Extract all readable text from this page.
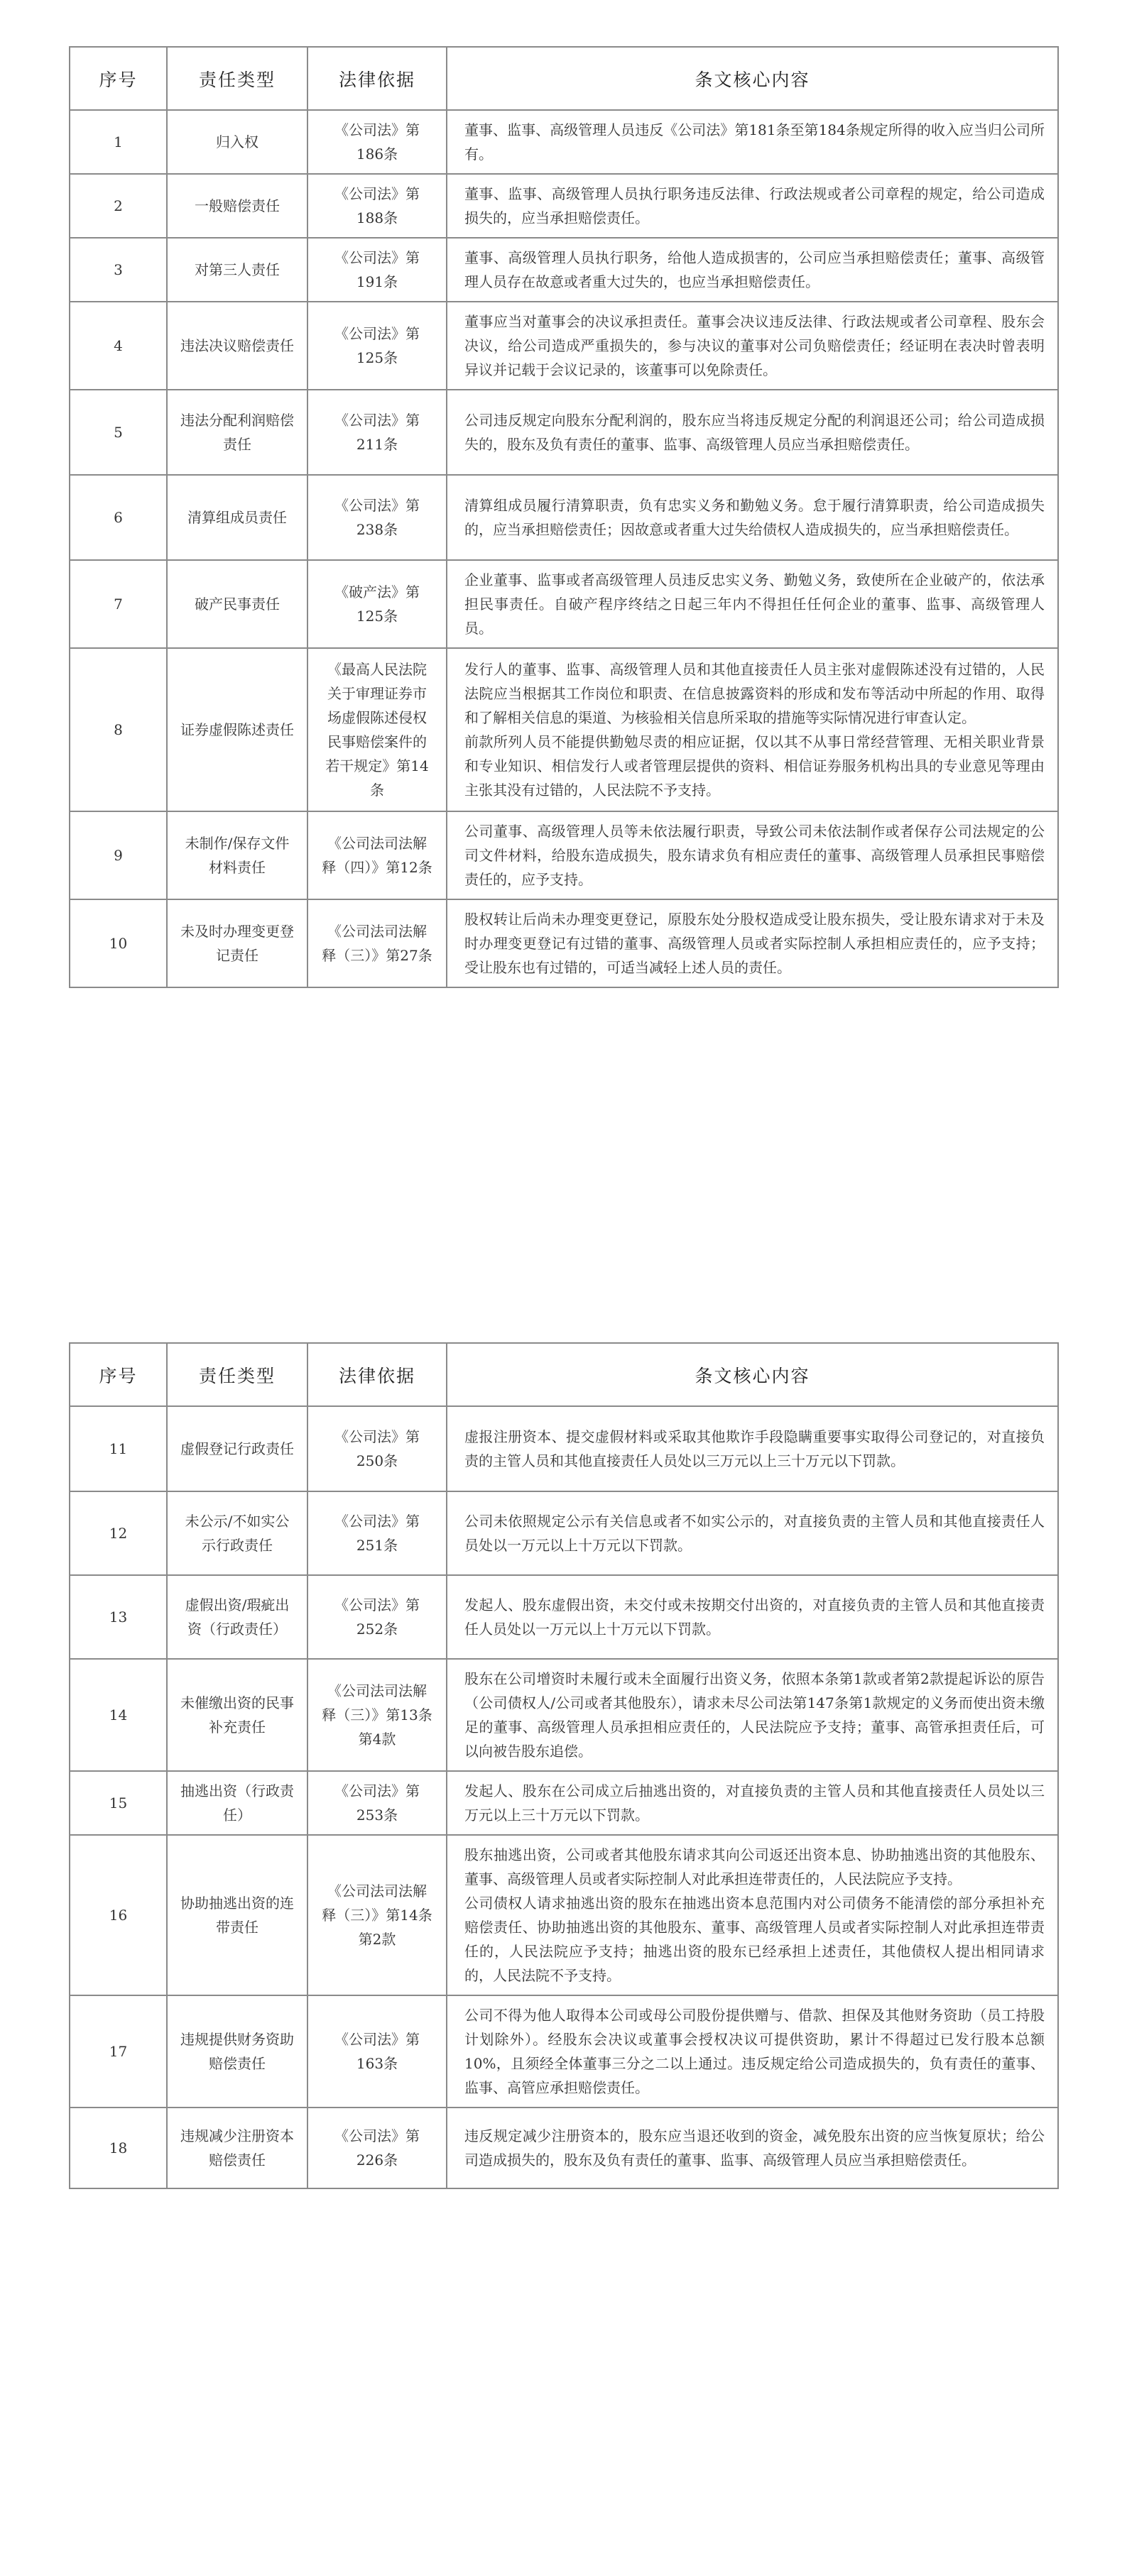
序号	责任类型	法律依据	条文核心内容
1	归入权	《公司法》第186条	董事、监事、高级管理人员违反《公司法》第181条至第184条规定所得的收入应当归公司所有。

2	一般赔偿责任	《公司法》第188条	董事、监事、高级管理人员执行职务违反法律、行政法规或者公司章程的规定，给公司造成损失的，应当承担赔偿责任。

3	对第三人责任	《公司法》第191条	董事、高级管理人员执行职务，给他人造成损害的，公司应当承担赔偿责任；董事、高级管理人员存在故意或者重大过失的，也应当承担赔偿责任。

4	违法决议赔偿责任	《公司法》第125条	董事应当对董事会的决议承担责任。董事会决议违反法律、行政法规或者公司章程、股东会决议，给公司造成严重损失的，参与决议的董事对公司负赔偿责任；经证明在表决时曾表明异议并记载于会议记录的，该董事可以免除责任。

5	违法分配利润赔偿责任	《公司法》第211条	公司违反规定向股东分配利润的，股东应当将违反规定分配的利润退还公司；给公司造成损失的，股东及负有责任的董事、监事、高级管理人员应当承担赔偿责任。

6	清算组成员责任	《公司法》第238条	清算组成员履行清算职责，负有忠实义务和勤勉义务。怠于履行清算职责，给公司造成损失的，应当承担赔偿责任；因故意或者重大过失给债权人造成损失的，应当承担赔偿责任。

7	破产民事责任	《破产法》第125条	企业董事、监事或者高级管理人员违反忠实义务、勤勉义务，致使所在企业破产的，依法承担民事责任。自破产程序终结之日起三年内不得担任任何企业的董事、监事、高级管理人员。

8	证券虚假陈述责任	《最高人民法院关于审理证券市场虚假陈述侵权民事赔偿案件的若干规定》第14条	发行人的董事、监事、高级管理人员和其他直接责任人员主张对虚假陈述没有过错的，人民法院应当根据其工作岗位和职责、在信息披露资料的形成和发布等活动中所起的作用、取得和了解相关信息的渠道、为核验相关信息所采取的措施等实际情况进行审查认定。
前款所列人员不能提供勤勉尽责的相应证据，仅以其不从事日常经营管理、无相关职业背景和专业知识、相信发行人或者管理层提供的资料、相信证券服务机构出具的专业意见等理由主张其没有过错的，人民法院不予支持。

9	未制作/保存文件材料责任	《公司法司法解释（四）》第12条	公司董事、高级管理人员等未依法履行职责，导致公司未依法制作或者保存公司法规定的公司文件材料，给股东造成损失，股东请求负有相应责任的董事、高级管理人员承担民事赔偿责任的，应予支持。

10	未及时办理变更登记责任	《公司法司法解释（三）》第27条	股权转让后尚未办理变更登记，原股东处分股权造成受让股东损失，受让股东请求对于未及时办理变更登记有过错的董事、高级管理人员或者实际控制人承担相应责任的，应予支持；受让股东也有过错的，可适当减轻上述人员的责任。
序号	责任类型	法律依据	条文核心内容
11	虚假登记行政责任	《公司法》第250条	虚报注册资本、提交虚假材料或采取其他欺诈手段隐瞒重要事实取得公司登记的，对直接负责的主管人员和其他直接责任人员处以三万元以上三十万元以下罚款。

12	未公示/不如实公示行政责任	《公司法》第251条	公司未依照规定公示有关信息或者不如实公示的，对直接负责的主管人员和其他直接责任人员处以一万元以上十万元以下罚款。

13	虚假出资/瑕疵出资（行政责任）	《公司法》第252条	发起人、股东虚假出资，未交付或未按期交付出资的，对直接负责的主管人员和其他直接责任人员处以一万元以上十万元以下罚款。

14	未催缴出资的民事补充责任	《公司法司法解释（三）》第13条第4款	股东在公司增资时未履行或未全面履行出资义务，依照本条第1款或者第2款提起诉讼的原告（公司债权人/公司或者其他股东），请求未尽公司法第147条第1款规定的义务而使出资未缴足的董事、高级管理人员承担相应责任的，人民法院应予支持；董事、高管承担责任后，可以向被告股东追偿。

15	抽逃出资（行政责任）	《公司法》第253条	发起人、股东在公司成立后抽逃出资的，对直接负责的主管人员和其他直接责任人员处以三万元以上三十万元以下罚款。

16	协助抽逃出资的连带责任	《公司法司法解释（三）》第14条第2款	股东抽逃出资，公司或者其他股东请求其向公司返还出资本息、协助抽逃出资的其他股东、董事、高级管理人员或者实际控制人对此承担连带责任的，人民法院应予支持。
公司债权人请求抽逃出资的股东在抽逃出资本息范围内对公司债务不能清偿的部分承担补充赔偿责任、协助抽逃出资的其他股东、董事、高级管理人员或者实际控制人对此承担连带责任的，人民法院应予支持；抽逃出资的股东已经承担上述责任，其他债权人提出相同请求的，人民法院不予支持。

17	违规提供财务资助赔偿责任	《公司法》第163条	公司不得为他人取得本公司或母公司股份提供赠与、借款、担保及其他财务资助（员工持股计划除外）。经股东会决议或董事会授权决议可提供资助，累计不得超过已发行股本总额10%，且须经全体董事三分之二以上通过。违反规定给公司造成损失的，负有责任的董事、监事、高管应承担赔偿责任。

18	违规减少注册资本赔偿责任	《公司法》第226条	违反规定减少注册资本的，股东应当退还收到的资金，减免股东出资的应当恢复原状；给公司造成损失的，股东及负有责任的董事、监事、高级管理人员应当承担赔偿责任。
